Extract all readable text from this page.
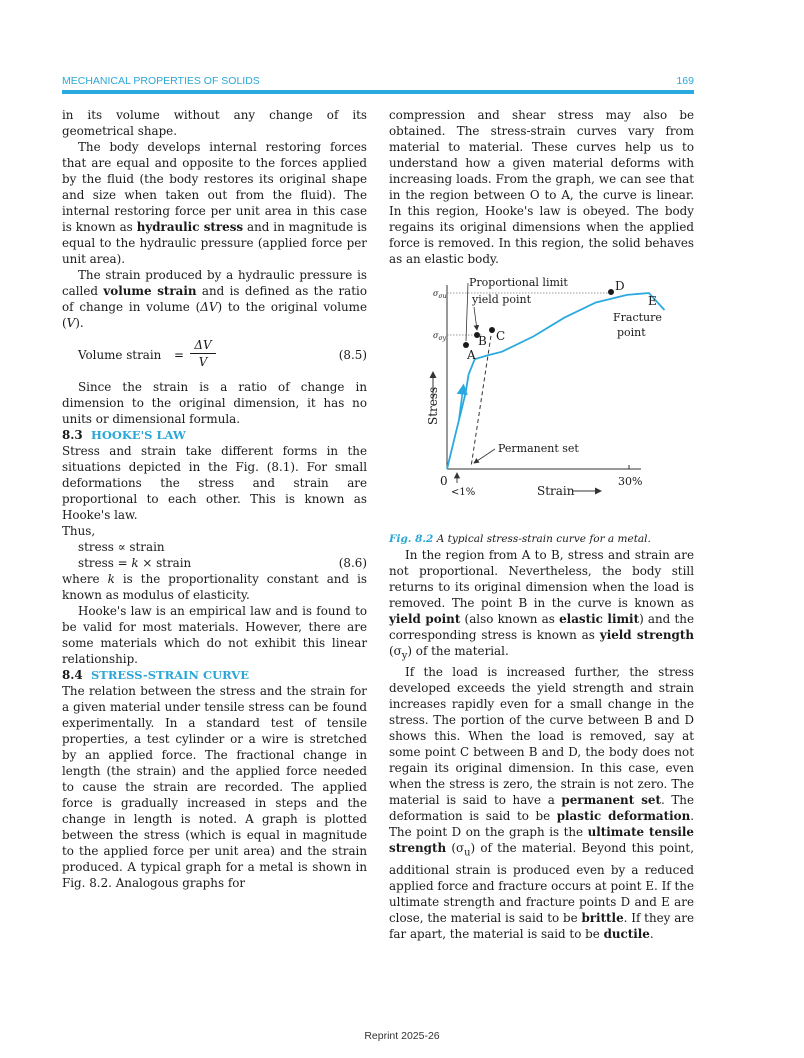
MECHANICAL PROPERTIES OF SOLIDS	169

in its volume without any change of its geometrical shape.

The body develops internal restoring forces that are equal and opposite to the forces applied by the fluid (the body restores its original shape and size when taken out from the fluid). The internal restoring force per unit area in this case is known as hydraulic stress and in magnitude is equal to the hydraulic pressure (applied force per unit area).

The strain produced by a hydraulic pressure is called volume strain and is defined as the ratio of change in volume (ΔV) to the original volume (V).

Volume strain = $\frac{\Delta V}{V}$	(8.5)

Since the strain is a ratio of change in dimension to the original dimension, it has no units or dimensional formula.

8.3 HOOKE'S LAW

Stress and strain take different forms in the situations depicted in the Fig. (8.1). For small deformations the stress and strain are proportional to each other. This is known as Hooke's law.

Thus,

stress ∝ strain

stress = k × strain	(8.6)

where k is the proportionality constant and is known as modulus of elasticity.

Hooke's law is an empirical law and is found to be valid for most materials. However, there are some materials which do not exhibit this linear relationship.

8.4 STRESS-STRAIN CURVE

The relation between the stress and the strain for a given material under tensile stress can be found experimentally. In a standard test of tensile properties, a test cylinder or a wire is stretched by an applied force. The fractional change in length (the strain) and the applied force needed to cause the strain are recorded. The applied force is gradually increased in steps and the change in length is noted. A graph is plotted between the stress (which is equal in magnitude to the applied force per unit area) and the strain produced. A typical graph for a metal is shown in Fig. 8.2. Analogous graphs for

compression and shear stress may also be obtained. The stress-strain curves vary from material to material. These curves help us to understand how a given material deforms with increasing loads. From the graph, we can see that in the region between O to A, the curve is linear. In this region, Hooke's law is obeyed. The body regains its original dimensions when the applied force is removed. In this region, the solid behaves as an elastic body.

A
B C
D
E
Proportional limit
yield point
Fracture
point
Permanent set
$\sigma_{\sigma u}$
$\sigma_{\sigma y}$
0
<1%
30%
Strain
Stress

Fig. 8.2 A typical stress-strain curve for a metal.

In the region from A to B, stress and strain are not proportional. Nevertheless, the body still returns to its original dimension when the load is removed. The point B in the curve is known as yield point (also known as elastic limit) and the corresponding stress is known as yield strength $(\sigma_y)$ of the material.

If the load is increased further, the stress developed exceeds the yield strength and strain increases rapidly even for a small change in the stress. The portion of the curve between B and D shows this. When the load is removed, say at some point C between B and D, the body does not regain its original dimension. In this case, even when the stress is zero, the strain is not zero. The material is said to have a permanent set. The deformation is said to be plastic deformation. The point D on the graph is the ultimate tensile strength $(\sigma_u)$ of the material. Beyond this point, additional strain is produced even by a reduced applied force and fracture occurs at point E. If the ultimate strength and fracture points D and E are close, the material is said to be brittle. If they are far apart, the material is said to be ductile.

Reprint 2025-26
